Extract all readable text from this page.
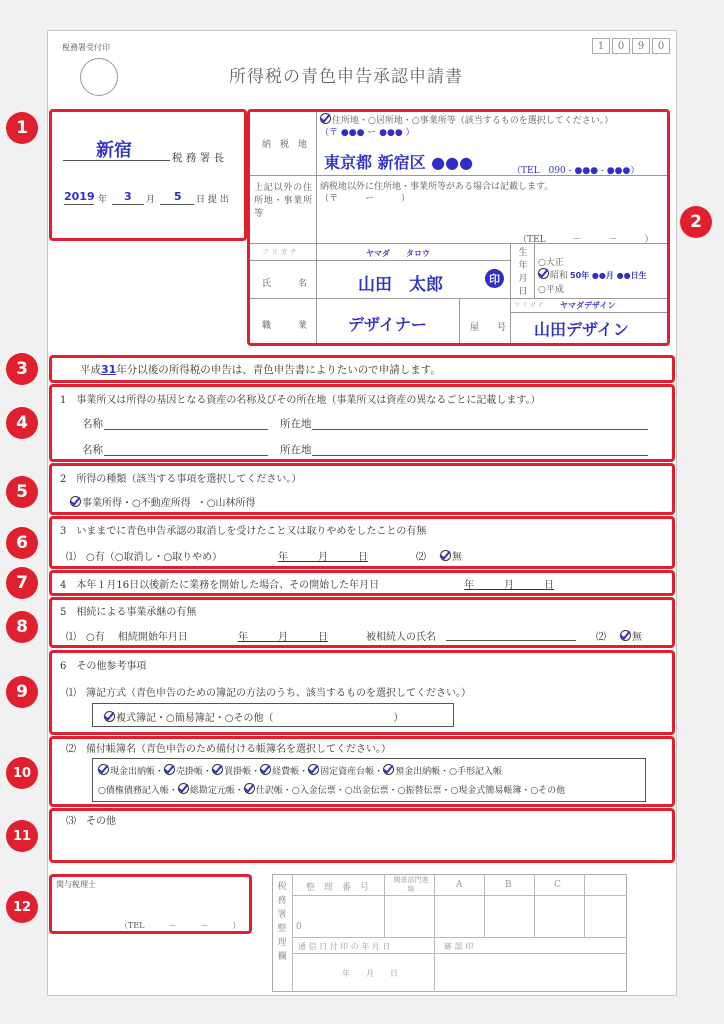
税務署受付印	1	0	9	0
所得税の青色申告承認申請書
新宿	税 務 署 長
2019 年 3 月 5 日 提 出
納　税　地
住所地・○居所地・○事業所等（該当するものを選択してください。）
（〒 ●●● ー ●●● ）
東京都 新宿区 ●●●	（TEL　090 - ●●● - ●●●）
上記以外の住所地・事業所等
納税地以外に住所地・事業所等がある場合は記載します。
（〒　　　ー　　　）
（TEL　　　－　　　－　　　）
フ リ ガ ナ	ヤマダ　　タロウ
氏　　　名	山田　太郎	印
生年月日
○大正
昭和 50年 ●●月 ●●日生
○平成
職　　　業	デザイナー
フ リ ガ ナ ヤマダデザイン
屋　　号 山田デザイン
平成31年分以後の所得税の申告は、青色申告書によりたいので申請します。
1　事業所又は所得の基因となる資産の名称及びその所在地（事業所又は資産の異なるごとに記載します。）
名称	所在地
名称	所在地
2　所得の種類（該当する事項を選択してください。）
事業所得・○不動産所得 ・○山林所得
3　いままでに青色申告承認の取消しを受けたこと又は取りやめをしたことの有無
⑴　○有（○取消し・○取りやめ）	年　　　月　　　日	⑵	無
4　本年１月16日以後新たに業務を開始した場合、その開始した年月日	年　　　月　　　日
5　相続による事業承継の有無
⑴　○有　 相続開始年月日	年　　　月　　　日	被相続人の氏名	⑵	無
6　その他参考事項
⑴　簿記方式（青色申告のための簿記の方法のうち、該当するものを選択してください。）
複式簿記・○簡易簿記・○その他（　　　　　　　　　　　　）
⑵　備付帳簿名（青色申告のため備付ける帳簿名を選択してください。）
現金出納帳・ 売掛帳・ 買掛帳・ 経費帳・ 固定資産台帳・ 預金出納帳・○手形記入帳
○債権債務記入帳・ 総勘定元帳・ 仕訳帳・○入金伝票・○出金伝票・○振替伝票・○現金式簡易帳簿・○その他
⑶　その他
関与税理士
（TEL　　　－　　　－　　　）
税務署整理欄
整　理　番　号
関係部門連絡	A	B	C
0
通 信 日 付 印 の 年 月 日	確 認 印
年　　月　　日
1
2
3
4
5
6
7
8
9
10
11
12
